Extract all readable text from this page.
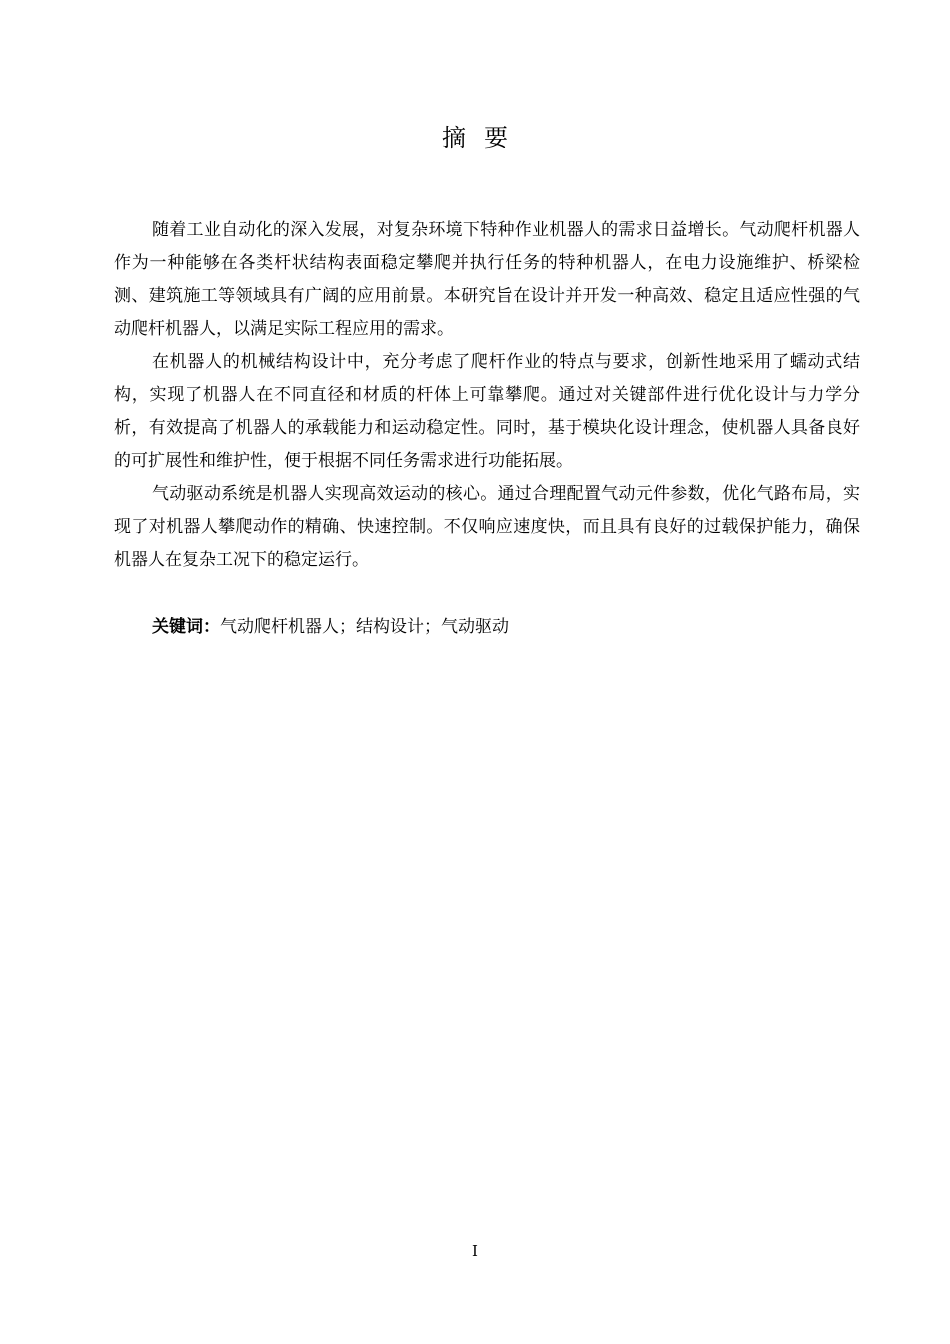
摘要

随着工业自动化的深入发展，对复杂环境下特种作业机器人的需求日益增长。气动爬杆机器人作为一种能够在各类杆状结构表面稳定攀爬并执行任务的特种机器人，在电力设施维护、桥梁检测、建筑施工等领域具有广阔的应用前景。本研究旨在设计并开发一种高效、稳定且适应性强的气动爬杆机器人，以满足实际工程应用的需求。

在机器人的机械结构设计中，充分考虑了爬杆作业的特点与要求，创新性地采用了蠕动式结构，实现了机器人在不同直径和材质的杆体上可靠攀爬。通过对关键部件进行优化设计与力学分析，有效提高了机器人的承载能力和运动稳定性。同时，基于模块化设计理念，使机器人具备良好的可扩展性和维护性，便于根据不同任务需求进行功能拓展。

气动驱动系统是机器人实现高效运动的核心。通过合理配置气动元件参数，优化气路布局，实现了对机器人攀爬动作的精确、快速控制。不仅响应速度快，而且具有良好的过载保护能力，确保机器人在复杂工况下的稳定运行。

关键词：气动爬杆机器人；结构设计；气动驱动

I
